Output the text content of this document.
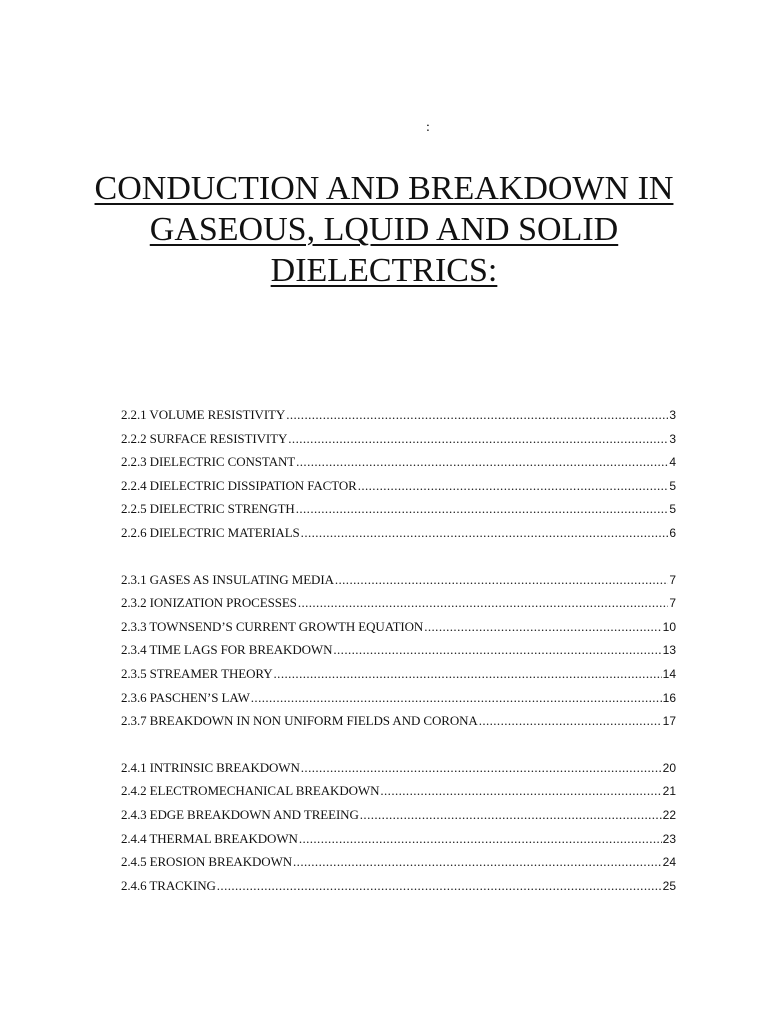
:
CONDUCTION AND BREAKDOWN IN
GASEOUS, LQUID AND SOLID
DIELECTRICS:
2.2.1 VOLUME RESISTIVITY .....	3
2.2.2 SURFACE RESISTIVITY .....	3
2.2.3 DIELECTRIC CONSTANT .....	4
2.2.4 DIELECTRIC DISSIPATION FACTOR .....	5
2.2.5 DIELECTRIC STRENGTH .....	5
2.2.6 DIELECTRIC MATERIALS .....	6
2.3.1 GASES AS INSULATING MEDIA .....	7
2.3.2 IONIZATION PROCESSES .....	7
2.3.3 TOWNSEND’S CURRENT GROWTH EQUATION .....	10
2.3.4 TIME LAGS FOR BREAKDOWN .....	13
2.3.5 STREAMER THEORY .....	14
2.3.6 PASCHEN’S LAW .....	16
2.3.7 BREAKDOWN IN NON UNIFORM FIELDS AND CORONA .....	17
2.4.1 INTRINSIC BREAKDOWN .....	20
2.4.2 ELECTROMECHANICAL BREAKDOWN .....	21
2.4.3 EDGE BREAKDOWN AND TREEING .....	22
2.4.4 THERMAL BREAKDOWN .....	23
2.4.5 EROSION BREAKDOWN .....	24
2.4.6 TRACKING .....	25
